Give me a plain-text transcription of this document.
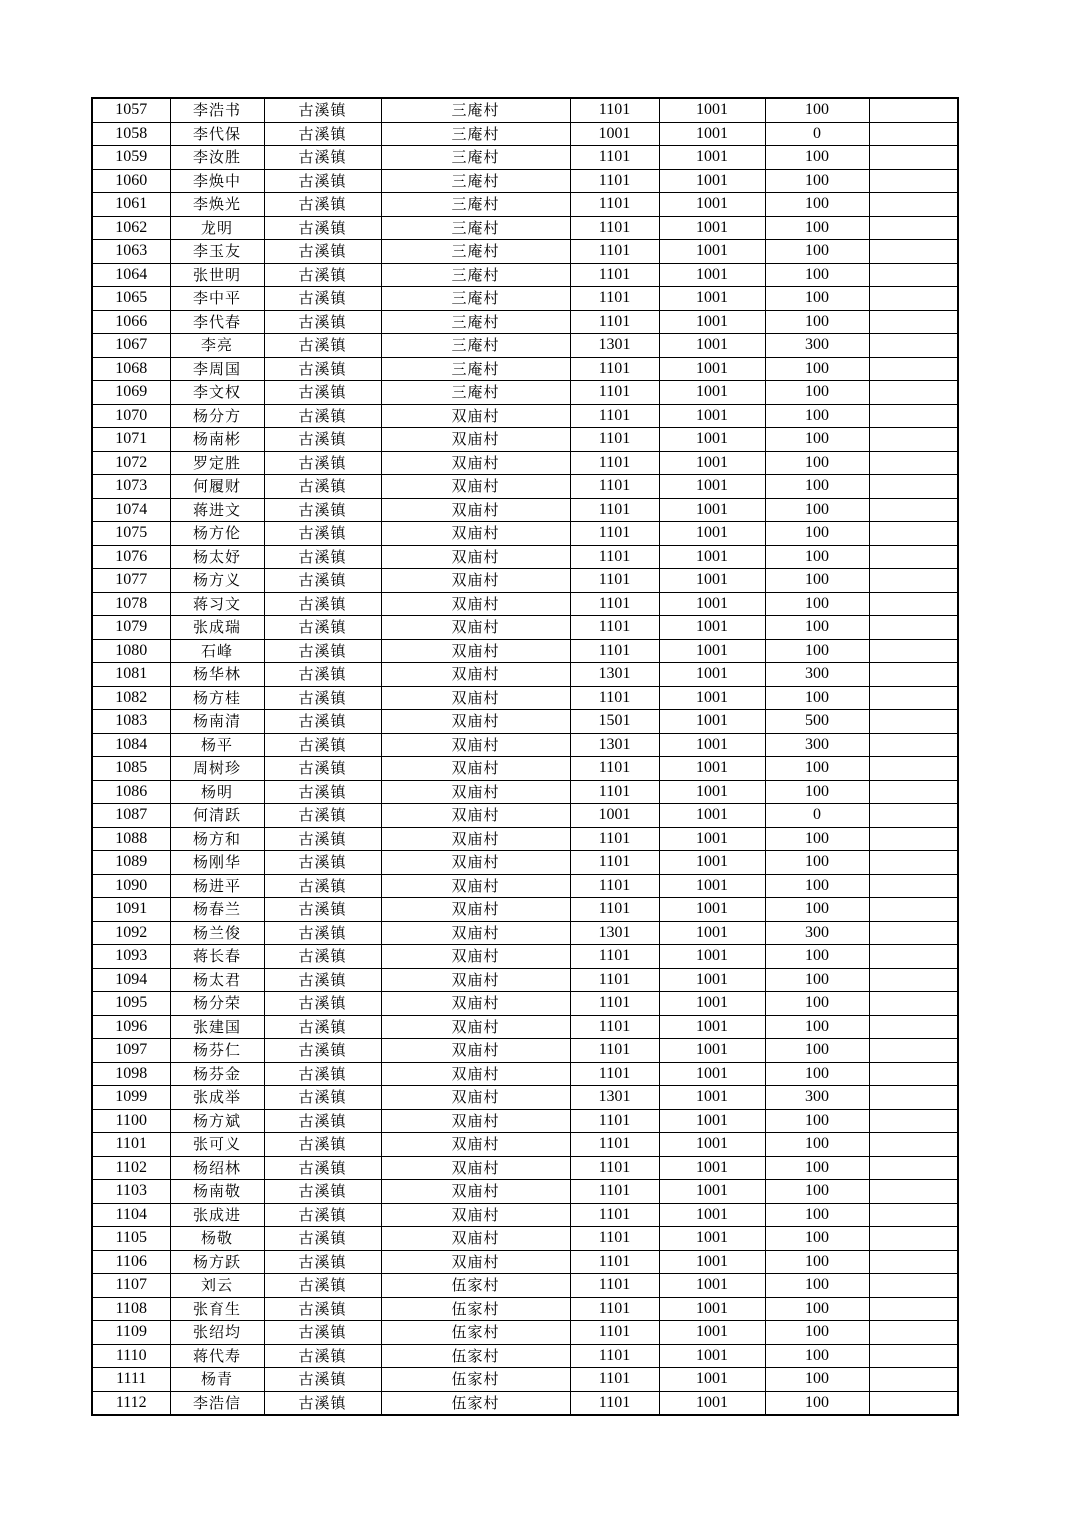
1057	李浩书	古溪镇	三庵村	1101	1001	100	
1058	李代保	古溪镇	三庵村	1001	1001	0	
1059	李汝胜	古溪镇	三庵村	1101	1001	100	
1060	李焕中	古溪镇	三庵村	1101	1001	100	
1061	李焕光	古溪镇	三庵村	1101	1001	100	
1062	龙明	古溪镇	三庵村	1101	1001	100	
1063	李玉友	古溪镇	三庵村	1101	1001	100	
1064	张世明	古溪镇	三庵村	1101	1001	100	
1065	李中平	古溪镇	三庵村	1101	1001	100	
1066	李代春	古溪镇	三庵村	1101	1001	100	
1067	李亮	古溪镇	三庵村	1301	1001	300	
1068	李周国	古溪镇	三庵村	1101	1001	100	
1069	李文权	古溪镇	三庵村	1101	1001	100	
1070	杨分方	古溪镇	双庙村	1101	1001	100	
1071	杨南彬	古溪镇	双庙村	1101	1001	100	
1072	罗定胜	古溪镇	双庙村	1101	1001	100	
1073	何履财	古溪镇	双庙村	1101	1001	100	
1074	蒋进文	古溪镇	双庙村	1101	1001	100	
1075	杨方伦	古溪镇	双庙村	1101	1001	100	
1076	杨太妤	古溪镇	双庙村	1101	1001	100	
1077	杨方义	古溪镇	双庙村	1101	1001	100	
1078	蒋习文	古溪镇	双庙村	1101	1001	100	
1079	张成瑞	古溪镇	双庙村	1101	1001	100	
1080	石峰	古溪镇	双庙村	1101	1001	100	
1081	杨华林	古溪镇	双庙村	1301	1001	300	
1082	杨方桂	古溪镇	双庙村	1101	1001	100	
1083	杨南清	古溪镇	双庙村	1501	1001	500	
1084	杨平	古溪镇	双庙村	1301	1001	300	
1085	周树珍	古溪镇	双庙村	1101	1001	100	
1086	杨明	古溪镇	双庙村	1101	1001	100	
1087	何清跃	古溪镇	双庙村	1001	1001	0	
1088	杨方和	古溪镇	双庙村	1101	1001	100	
1089	杨刚华	古溪镇	双庙村	1101	1001	100	
1090	杨进平	古溪镇	双庙村	1101	1001	100	
1091	杨春兰	古溪镇	双庙村	1101	1001	100	
1092	杨兰俊	古溪镇	双庙村	1301	1001	300	
1093	蒋长春	古溪镇	双庙村	1101	1001	100	
1094	杨太君	古溪镇	双庙村	1101	1001	100	
1095	杨分荣	古溪镇	双庙村	1101	1001	100	
1096	张建国	古溪镇	双庙村	1101	1001	100	
1097	杨芬仁	古溪镇	双庙村	1101	1001	100	
1098	杨芬金	古溪镇	双庙村	1101	1001	100	
1099	张成举	古溪镇	双庙村	1301	1001	300	
1100	杨方斌	古溪镇	双庙村	1101	1001	100	
1101	张可义	古溪镇	双庙村	1101	1001	100	
1102	杨绍林	古溪镇	双庙村	1101	1001	100	
1103	杨南敬	古溪镇	双庙村	1101	1001	100	
1104	张成进	古溪镇	双庙村	1101	1001	100	
1105	杨敬	古溪镇	双庙村	1101	1001	100	
1106	杨方跃	古溪镇	双庙村	1101	1001	100	
1107	刘云	古溪镇	伍家村	1101	1001	100	
1108	张育生	古溪镇	伍家村	1101	1001	100	
1109	张绍均	古溪镇	伍家村	1101	1001	100	
1110	蒋代寿	古溪镇	伍家村	1101	1001	100	
1111	杨青	古溪镇	伍家村	1101	1001	100	
1112	李浩信	古溪镇	伍家村	1101	1001	100	
